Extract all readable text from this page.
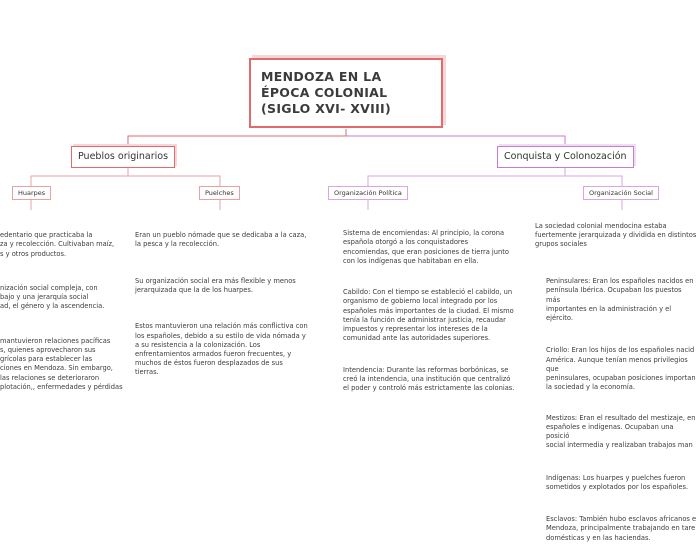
MENDOZA EN LA ÉPOCA COLONIAL (SIGLO XVI- XVIII)
Pueblos originarios	Conquista y Colonozación
Huarpes	Puelches	Organización Política	Organización Social

edentario que practicaba la
za y recolección. Cultivaban maíz,
s y otros productos.

nización social compleja, con
bajo y una jerarquía social
ad, el género y la ascendencia.

mantuvieron relaciones pacíficas
s, quienes aprovecharon sus
grícolas para establecer las
ciones en Mendoza. Sin embargo,
las relaciones se deterioraron
plotación,, enfermedades y pérdidas

Eran un pueblo nómade que se dedicaba a la caza,
la pesca y la recolección.

Su organización social era más flexible y menos
jerarquizada que la de los huarpes.

Estos mantuvieron una relación más conflictiva con
los españoles, debido a su estilo de vida nómada y
a su resistencia a la colonización. Los
enfrentamientos armados fueron frecuentes, y
muchos de éstos fueron desplazados de sus
tierras.

Sistema de encomiendas: Al principio, la corona
española otorgó a los conquistadores
encomiendas, que eran posiciones de tierra junto
con los indígenas que habitaban en ella.

Cabildo: Con el tiempo se estableció el cabildo, un
organismo de gobierno local integrado por los
españoles más importantes de la ciudad. El mismo
tenía la función de administrar justicia, recaudar
impuestos y representar los intereses de la
comunidad ante las autoridades superiores.

Intendencia: Durante las reformas borbónicas, se
creó la intendencia, una institución que centralizó
el poder y controló más estrictamente las colonias.

La sociedad colonial mendocina estaba
fuertemente jerarquizada y dividida en distintos
grupos sociales

Peninsulares: Eran los españoles nacidos en
península Ibérica. Ocupaban los puestos más
importantes en la administración y el ejército.

Criollo: Eran los hijos de los españoles nacid
América. Aunque tenían menos privilegios que
peninsulares, ocupaban posiciones importan
la sociedad y la economía.

Mestizos: Eran el resultado del mestizaje, en
españoles e indígenas. Ocupaban una posició
social intermedia y realizaban trabajos man

Indígenas: Los huarpes y puelches fueron
sometidos y explotados por los españoles.

Esclavos: También hubo esclavos africanos e
Mendoza, principalmente trabajando en tare
domésticas y en las haciendas.
